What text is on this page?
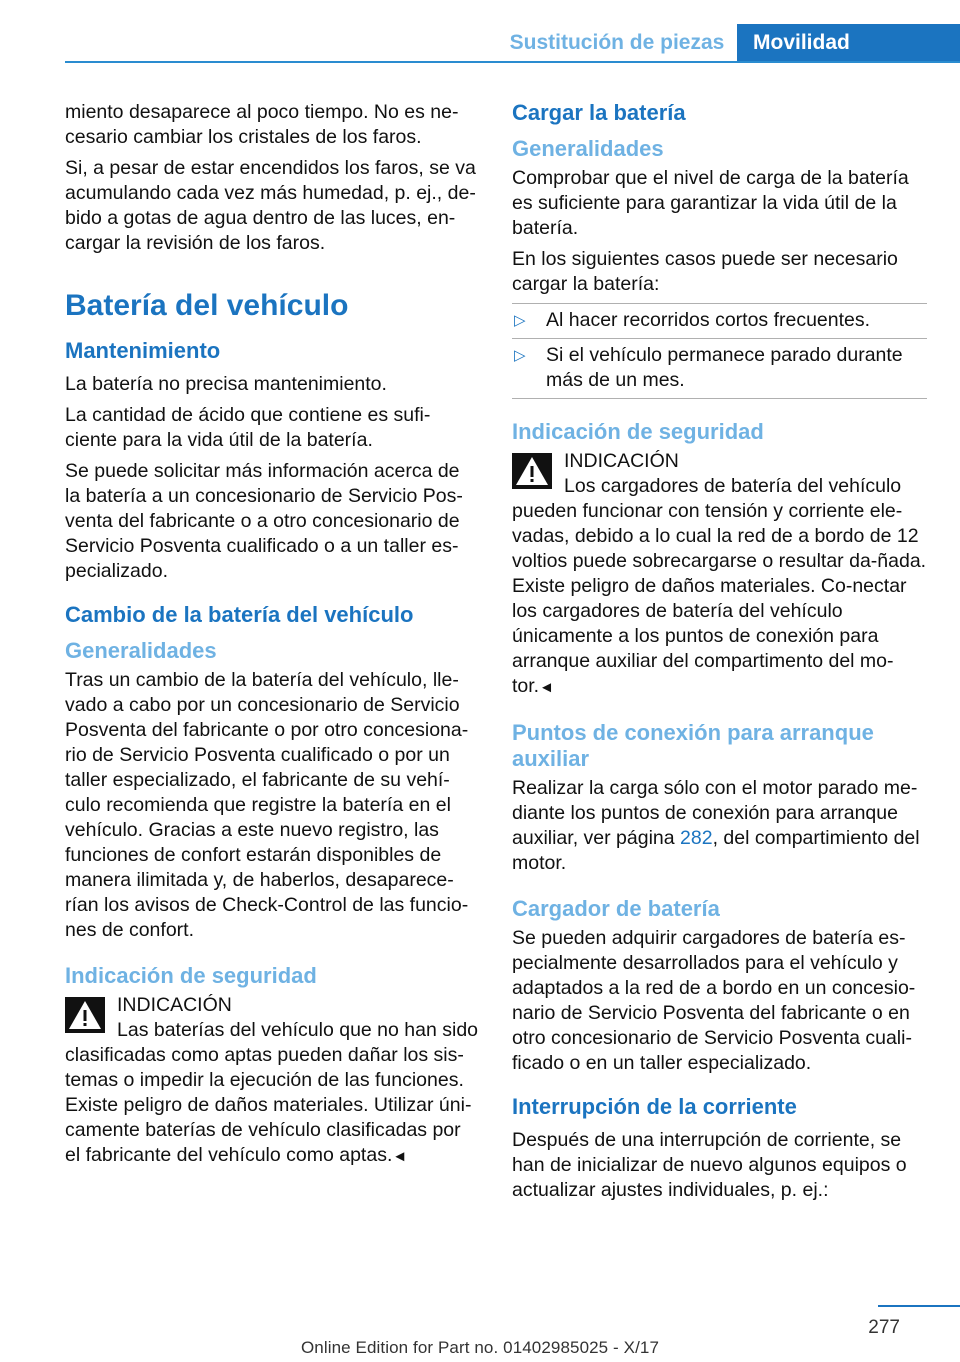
Sustitución de piezas	Movilidad

miento desaparece al poco tiempo. No es ne‐cesario cambiar los cristales de los faros.

Si, a pesar de estar encendidos los faros, se va acumulando cada vez más humedad, p. ej., de‐bido a gotas de agua dentro de las luces, en‐cargar la revisión de los faros.

Batería del vehículo
Mantenimiento

La batería no precisa mantenimiento.

La cantidad de ácido que contiene es sufi‐ciente para la vida útil de la batería.

Se puede solicitar más información acerca de la batería a un concesionario de Servicio Pos‐venta del fabricante o a otro concesionario de Servicio Posventa cualificado o a un taller es‐pecializado.

Cambio de la batería del vehículo
Generalidades

Tras un cambio de la batería del vehículo, lle‐vado a cabo por un concesionario de Servicio Posventa del fabricante o por otro concesiona‐rio de Servicio Posventa cualificado o por un taller especializado, el fabricante de su vehí‐culo recomienda que registre la batería en el vehículo. Gracias a este nuevo registro, las funciones de confort estarán disponibles de manera ilimitada y, de haberlos, desaparece‐rían los avisos de Check-Control de las funcio‐nes de confort.

Indicación de seguridad

INDICACIÓN

Las baterías del vehículo que no han sido clasificadas como aptas pueden dañar los sis‐temas o impedir la ejecución de las funciones. Existe peligro de daños materiales. Utilizar úni‐camente baterías de vehículo clasificadas por el fabricante del vehículo como aptas.◄

Cargar la batería
Generalidades

Comprobar que el nivel de carga de la batería es suficiente para garantizar la vida útil de la batería.

En los siguientes casos puede ser necesario cargar la batería:

▷	Al hacer recorridos cortos frecuentes.
▷	Si el vehículo permanece parado durante más de un mes.
Indicación de seguridad

INDICACIÓN

Los cargadores de batería del vehículo pueden funcionar con tensión y corriente ele‐vadas, debido a lo cual la red de a bordo de 12 voltios puede sobrecargarse o resultar da‐ñada. Existe peligro de daños materiales. Co‐nectar los cargadores de batería del vehículo únicamente a los puntos de conexión para arranque auxiliar del compartimento del mo‐tor.◄

Puntos de conexión para arranque auxiliar

Realizar la carga sólo con el motor parado me‐diante los puntos de conexión para arranque auxiliar, ver página 282, del compartimiento del motor.

Cargador de batería

Se pueden adquirir cargadores de batería es‐pecialmente desarrollados para el vehículo y adaptados a la red de a bordo en un concesio‐nario de Servicio Posventa del fabricante o en otro concesionario de Servicio Posventa cuali‐ficado o en un taller especializado.

Interrupción de la corriente

Después de una interrupción de corriente, se han de inicializar de nuevo algunos equipos o actualizar ajustes individuales, p. ej.:

277
Online Edition for Part no. 01402985025 - X/17
